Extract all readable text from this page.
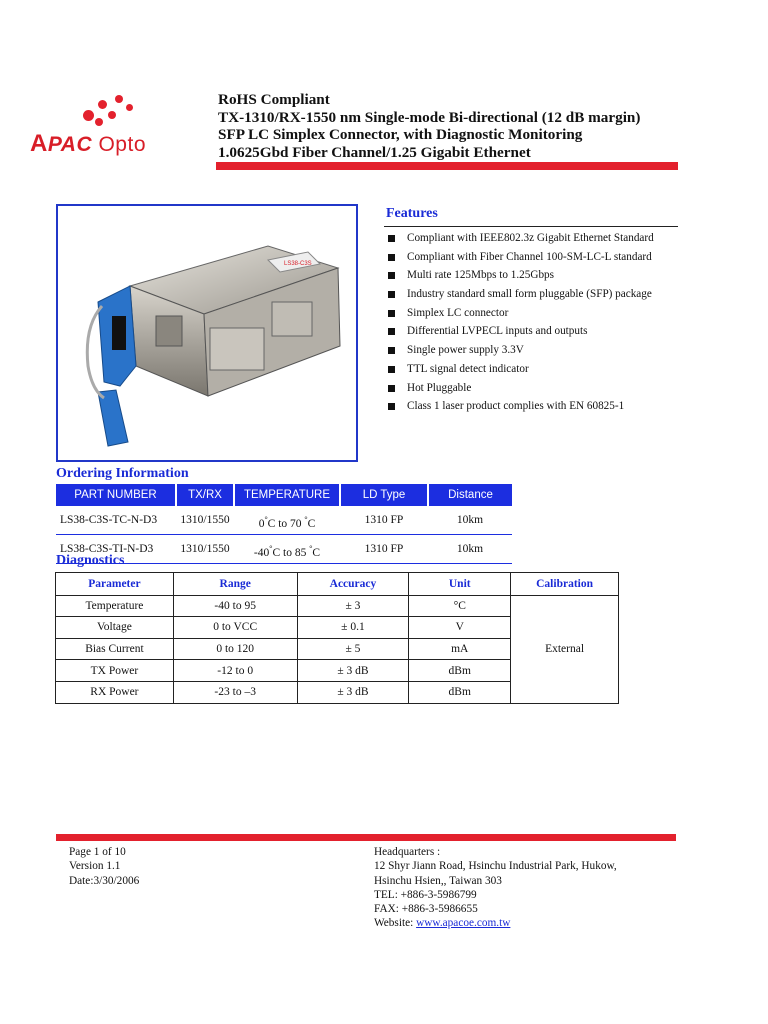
APAC Opto
RoHS Compliant
TX-1310/RX-1550 nm Single-mode Bi-directional (12 dB margin)
SFP LC Simplex Connector, with Diagnostic Monitoring
1.0625Gbd Fiber Channel/1.25 Gigabit Ethernet
LS38-C3S
Features
Compliant with IEEE802.3z Gigabit Ethernet Standard
Compliant with Fiber Channel 100-SM-LC-L standard
Multi rate 125Mbps to 1.25Gbps
Industry standard small form pluggable (SFP) package
Simplex LC connector
Differential LVPECL inputs and outputs
Single power supply 3.3V
TTL signal detect indicator
Hot Pluggable
Class 1 laser product complies with EN 60825-1
Ordering Information
PART NUMBER	TX/RX	TEMPERATURE	LD Type	Distance
LS38-C3S-TC-N-D3	1310/1550	0°C to 70 °C	1310 FP	10km
LS38-C3S-TI-N-D3	1310/1550	-40°C to 85 °C	1310 FP	10km
Diagnostics
Parameter	Range	Accuracy	Unit	Calibration
Temperature	-40 to 95	± 3	°C	External
Voltage	0 to VCC	± 0.1	V	
Bias Current	0 to 120	± 5	mA	
TX Power	-12 to 0	± 3 dB	dBm	
RX Power	-23 to –3	± 3 dB	dBm	
Page 1 of 10
Version 1.1
Date:3/30/2006
Headquarters :
12 Shyr Jiann Road, Hsinchu Industrial Park, Hukow,
Hsinchu Hsien,, Taiwan 303
TEL: +886-3-5986799
FAX: +886-3-5986655
Website: www.apacoe.com.tw
